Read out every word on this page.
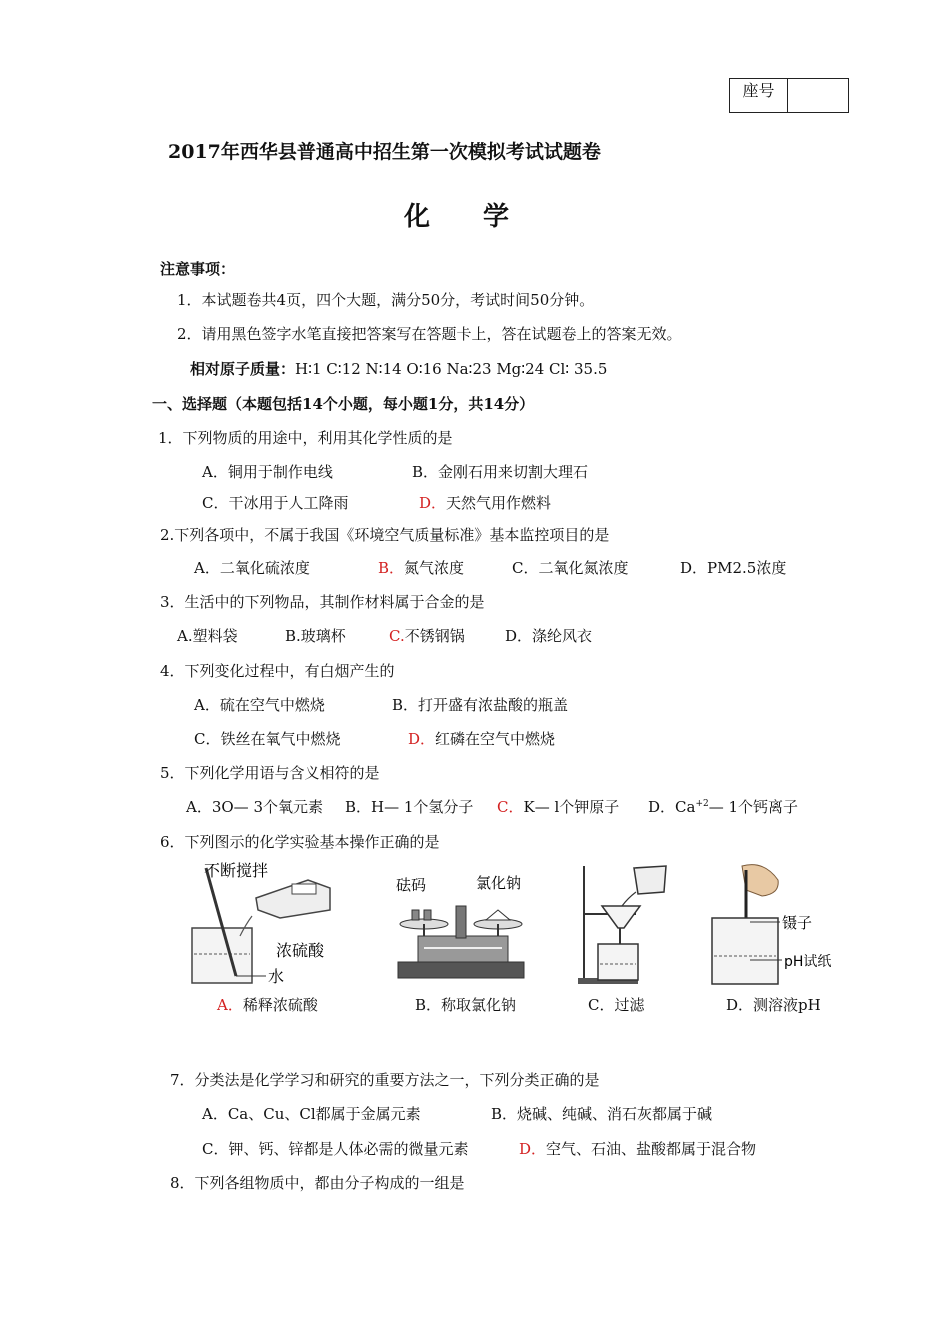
座号
2017年西华县普通高中招生第一次模拟考试试题卷
化 学
注意事项：
1．本试题卷共4页，四个大题，满分50分，考试时间50分钟。
2．请用黑色签字水笔直接把答案写在答题卡上，答在试题卷上的答案无效。
相对原子质量：H∶1 C∶12 N∶14 O∶16 Na∶23 Mg∶24 Cl∶ 35.5
一、选择题（本题包括14个小题，每小题1分，共14分）
1．下列物质的用途中，利用其化学性质的是
A．铜用于制作电线	B．金刚石用来切割大理石
C．干冰用于人工降雨	D．天然气用作燃料
2.下列各项中，不属于我国《环境空气质量标准》基本监控项目的是
A．二氧化硫浓度	B．氮气浓度	C．二氧化氮浓度	D．PM2.5浓度
3．生活中的下列物品，其制作材料属于合金的是
A.塑料袋	B.玻璃杯	C.不锈钢锅	D．涤纶风衣
4．下列变化过程中，有白烟产生的
A．硫在空气中燃烧	B．打开盛有浓盐酸的瓶盖
C．铁丝在氧气中燃烧	D．红磷在空气中燃烧
5．下列化学用语与含义相符的是
A．3O— 3个氧元素 B．H— 1个氢分子 C．K— l个钾原子 D．$Ca^{+2}—$ 1个钙离子
6．下列图示的化学实验基本操作正确的是
不断搅拌
浓硫酸
水
砝码	氯化钠
镊子
pH试纸
A．稀释浓硫酸	B．称取氯化钠	C．过滤	D．测溶液pH
7．分类法是化学学习和研究的重要方法之一，下列分类正确的是
A．Ca、Cu、Cl都属于金属元素	B．烧碱、纯碱、消石灰都属于碱
C．钾、钙、锌都是人体必需的微量元素	D．空气、石油、盐酸都属于混合物
8．下列各组物质中，都由分子构成的一组是
